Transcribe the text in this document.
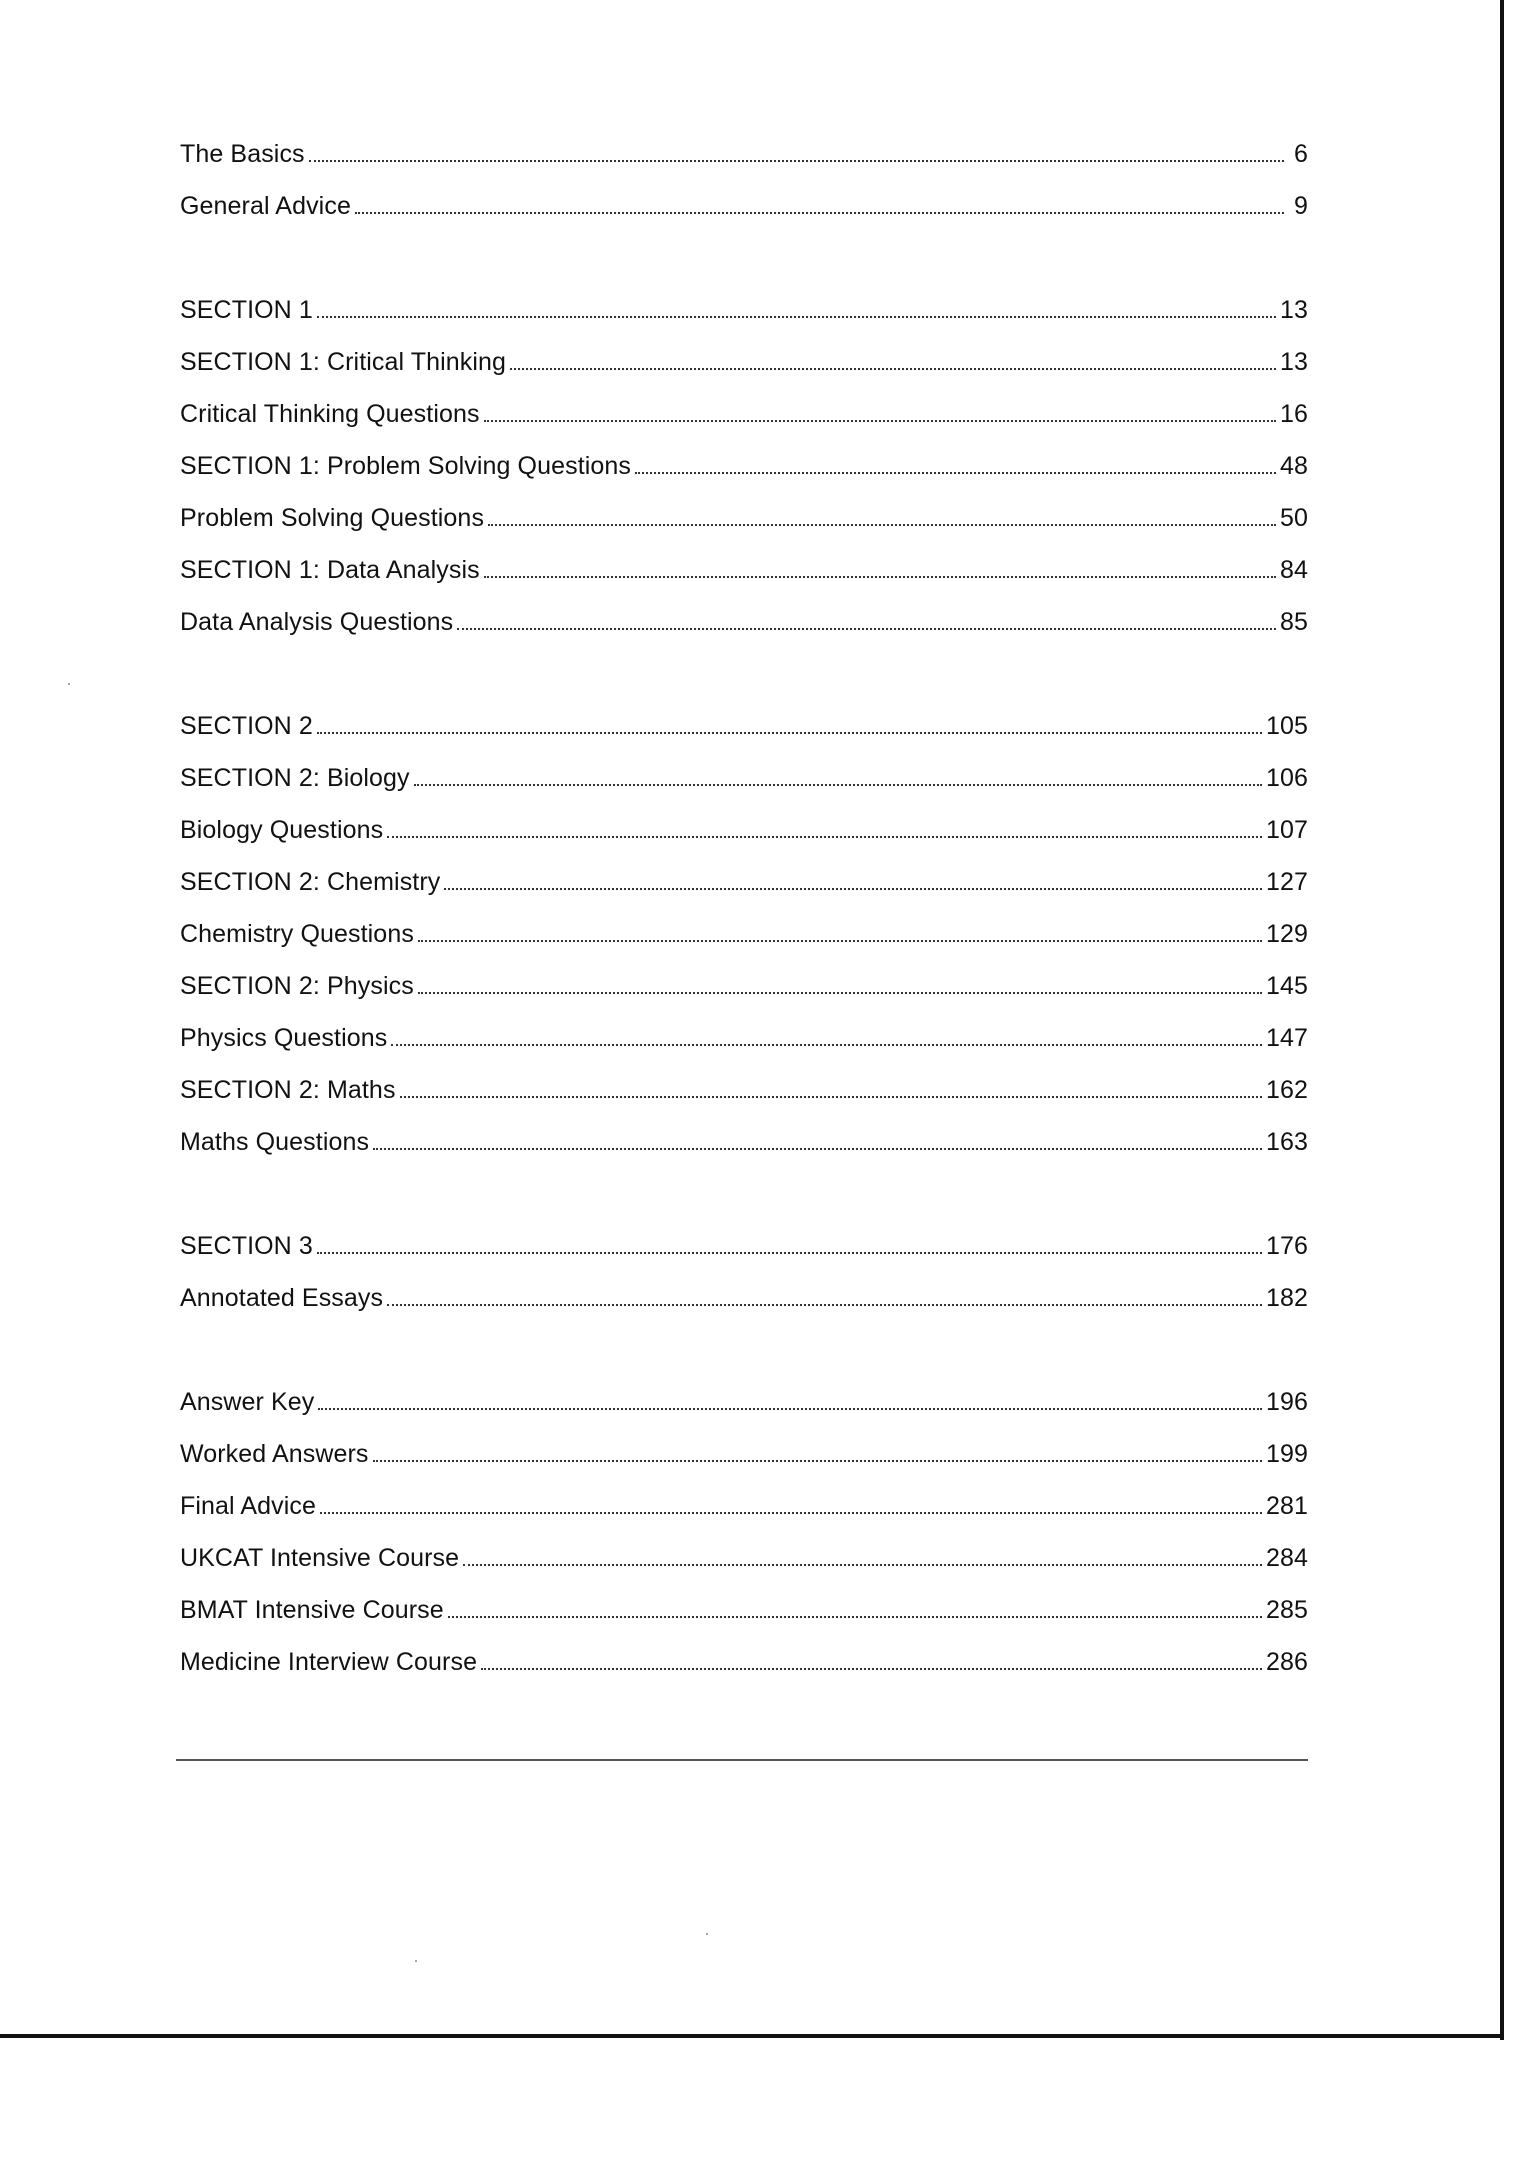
The Basics	6
General Advice	9
SECTION 1	13
SECTION 1: Critical Thinking	13
Critical Thinking Questions	16
SECTION 1: Problem Solving Questions	48
Problem Solving Questions	50
SECTION 1: Data Analysis	84
Data Analysis Questions	85
SECTION 2	105
SECTION 2: Biology	106
Biology Questions	107
SECTION 2: Chemistry	127
Chemistry Questions	129
SECTION 2: Physics	145
Physics Questions	147
SECTION 2: Maths	162
Maths Questions	163
SECTION 3	176
Annotated Essays	182
Answer Key	196
Worked Answers	199
Final Advice	281
UKCAT Intensive Course	284
BMAT Intensive Course	285
Medicine Interview Course	286
